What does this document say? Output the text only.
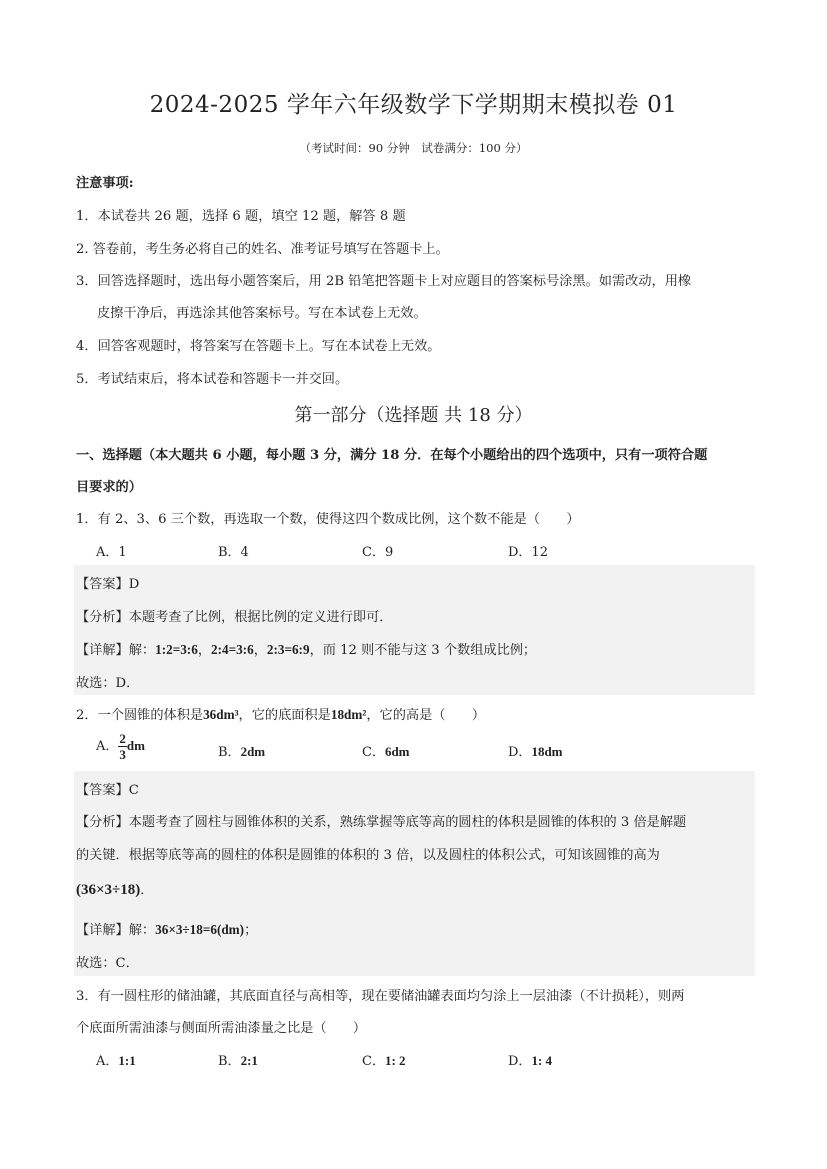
2024-2025 学年六年级数学下学期期末模拟卷 01
（考试时间：90 分钟　试卷满分：100 分）
注意事项:
1．本试卷共 26 题，选择 6 题，填空 12 题，解答 8 题
2. 答卷前，考生务必将自己的姓名、准考证号填写在答题卡上。
3．回答选择题时，选出每小题答案后，用 2B 铅笔把答题卡上对应题目的答案标号涂黑。如需改动，用橡
皮擦干净后，再选涂其他答案标号。写在本试卷上无效。
4．回答客观题时，将答案写在答题卡上。写在本试卷上无效。
5．考试结束后，将本试卷和答题卡一并交回。
第一部分（选择题 共 18 分）
一、选择题（本大题共 6 小题，每小题 3 分，满分 18 分．在每个小题给出的四个选项中，只有一项符合题
目要求的）
1．有 2、3、6 三个数，再选取一个数，使得这四个数成比例，这个数不能是（　　）
A．1	B．4	C．9	D．12
【答案】D
【分析】本题考查了比例，根据比例的定义进行即可．
【详解】解：1:2=3:6，2:4=3:6，2:3=6:9，而 12 则不能与这 3 个数组成比例；
故选：D．
2．一个圆锥的体积是36dm³，它的底面积是18dm²，它的高是（　　）
A． $\frac{2}{3}$ dm	B．2dm	C．6dm	D．18dm
【答案】C
【分析】本题考查了圆柱与圆锥体积的关系，熟练掌握等底等高的圆柱的体积是圆锥的体积的 3 倍是解题
的关键．根据等底等高的圆柱的体积是圆锥的体积的 3 倍，以及圆柱的体积公式，可知该圆锥的高为
(36×3÷18)．
【详解】解：36×3÷18=6(dm)；
故选：C．
3．有一圆柱形的储油罐，其底面直径与高相等，现在要储油罐表面均匀涂上一层油漆（不计损耗），则两
个底面所需油漆与侧面所需油漆量之比是（　　）
A．1:1	B．2:1	C．1: 2	D．1: 4
